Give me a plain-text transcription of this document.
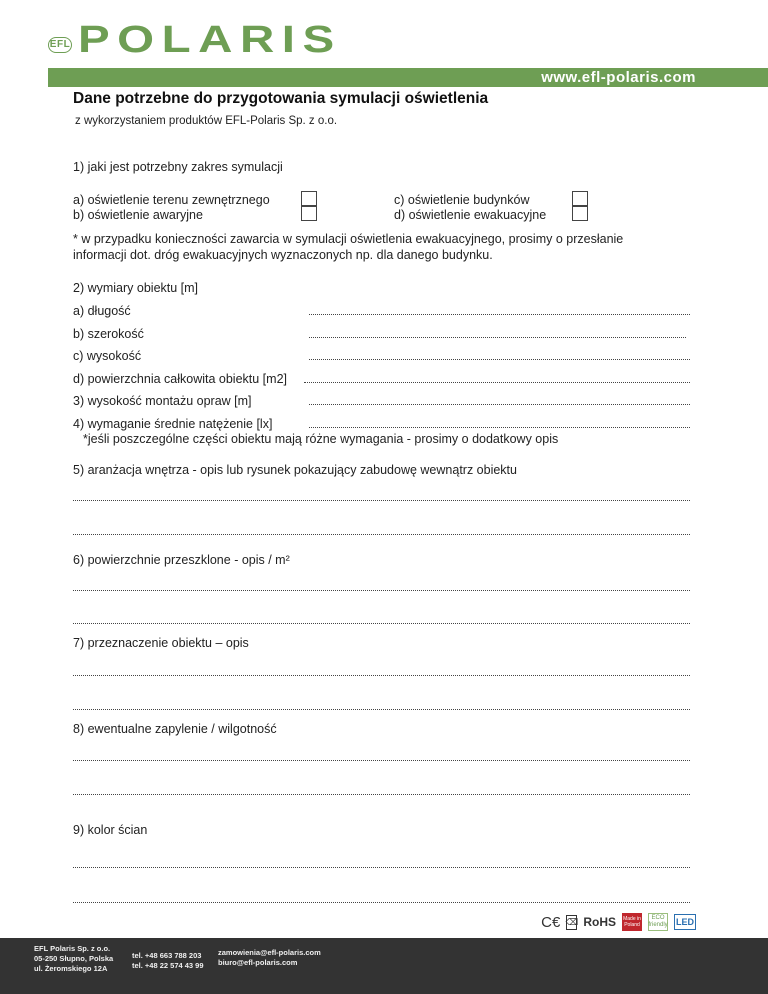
EFL POLARIS
www.efl-polaris.com
Dane potrzebne do przygotowania symulacji oświetlenia
z wykorzystaniem produktów EFL-Polaris Sp. z o.o.
1) jaki jest potrzebny zakres symulacji
a) oświetlenie terenu zewnętrznego
b) oświetlenie awaryjne
c) oświetlenie budynków
d) oświetlenie ewakuacyjne
* w przypadku konieczności zawarcia w symulacji oświetlenia ewakuacyjnego, prosimy o przesłanie
informacji dot. dróg ewakuacyjnych wyznaczonych np. dla danego budynku.
2) wymiary obiektu [m]
a) długość
b) szerokość
c) wysokość
d) powierzchnia całkowita obiektu [m2]
3) wysokość montażu opraw [m]
4) wymaganie średnie natężenie [lx]
*jeśli poszczególne części obiektu mają różne wymagania - prosimy o dodatkowy opis
5) aranżacja wnętrza - opis lub rysunek pokazujący zabudowę wewnątrz obiektu
6) powierzchnie przeszklone - opis / m²
7) przeznaczenie obiektu – opis
8) ewentualne zapylenie / wilgotność
9) kolor ścian
C€ ⌫ RoHS Made in
Poland
ECO
friendly LED
EFL Polaris Sp. z o.o.
05-250 Słupno, Polska
ul. Żeromskiego 12A
tel. +48 663 788 203
tel. +48 22 574 43 99
zamowienia@efl-polaris.com
biuro@efl-polaris.com
